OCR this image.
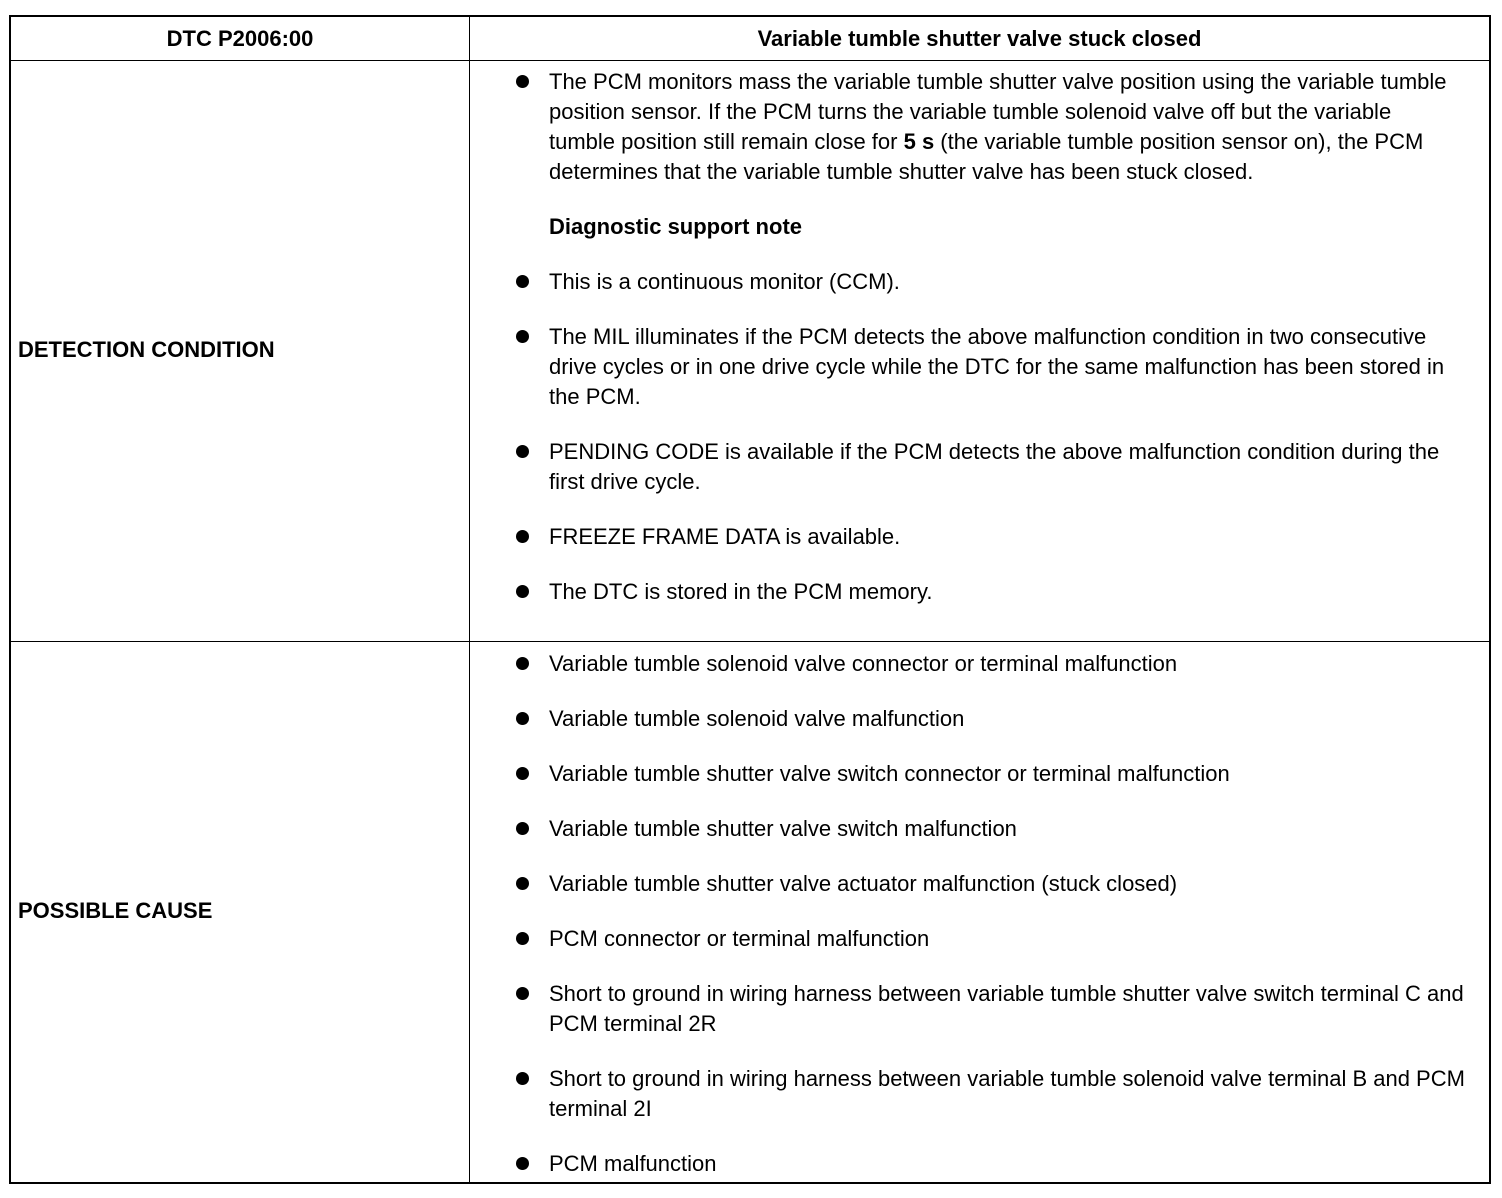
DTC P2006:00	Variable tumble shutter valve stuck closed
DETECTION CONDITION
The PCM monitors mass the variable tumble shutter valve position using the variable tumble position sensor. If the PCM turns the variable tumble solenoid valve off but the variable tumble position still remain close for 5 s (the variable tumble position sensor on), the PCM determines that the variable tumble shutter valve has been stuck closed.
Diagnostic support note
This is a continuous monitor (CCM).
The MIL illuminates if the PCM detects the above malfunction condition in two consecutive drive cycles or in one drive cycle while the DTC for the same malfunction has been stored in the PCM.
PENDING CODE is available if the PCM detects the above malfunction condition during the first drive cycle.
FREEZE FRAME DATA is available.
The DTC is stored in the PCM memory.
POSSIBLE CAUSE
Variable tumble solenoid valve connector or terminal malfunction
Variable tumble solenoid valve malfunction
Variable tumble shutter valve switch connector or terminal malfunction
Variable tumble shutter valve switch malfunction
Variable tumble shutter valve actuator malfunction (stuck closed)
PCM connector or terminal malfunction
Short to ground in wiring harness between variable tumble shutter valve switch terminal C and PCM terminal 2R
Short to ground in wiring harness between variable tumble solenoid valve terminal B and PCM terminal 2I
PCM malfunction
